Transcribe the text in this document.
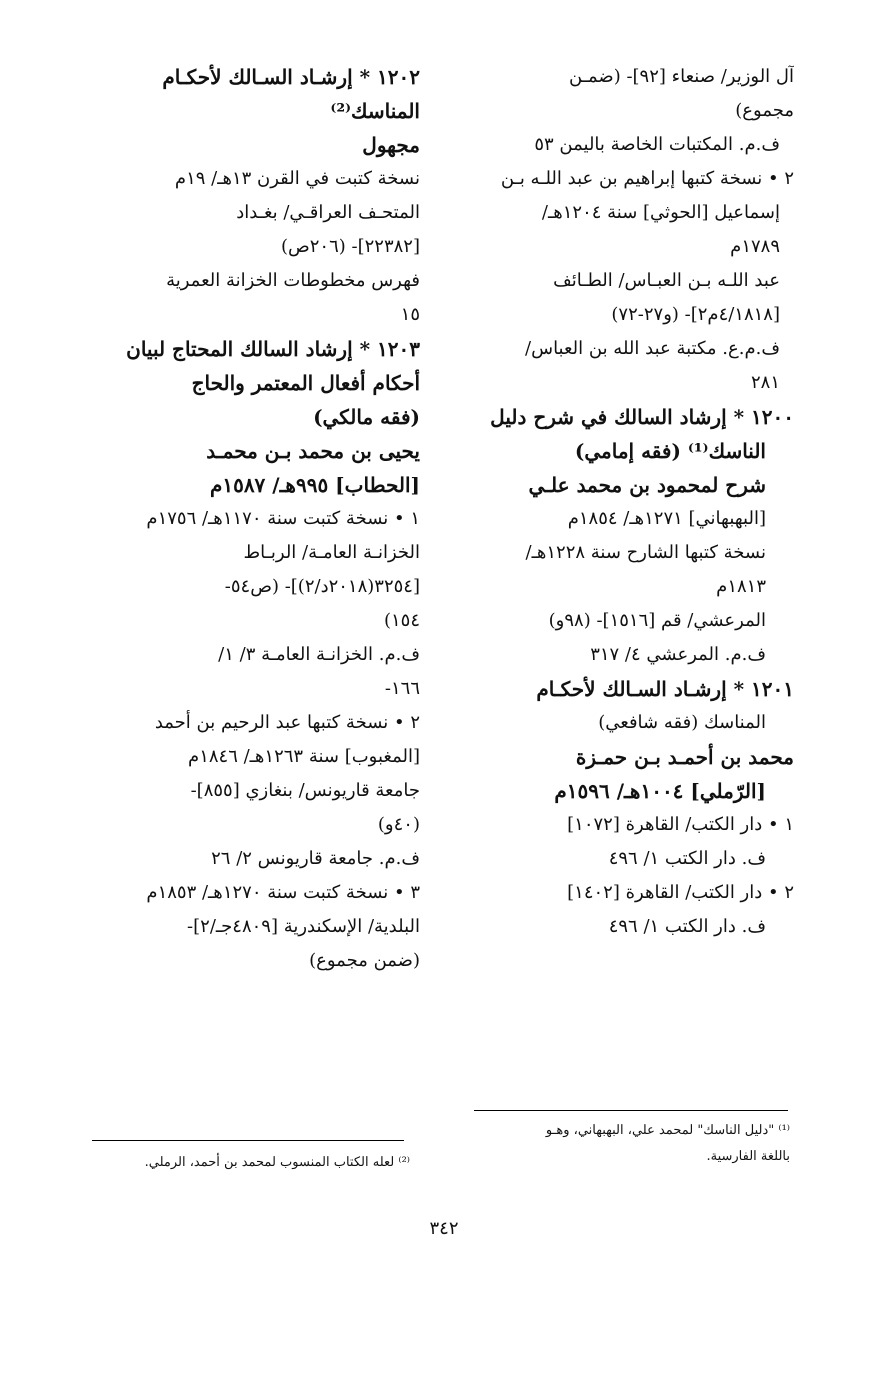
آل الوزير/ صنعاء [٩٢]- (ضمـن
مجموع)
ف.م. المكتبات الخاصة باليمن ٥٣
٢ • نسخة كتبها إبراهيم بن عبد اللـه بـن
إسماعيل [الحوثي] سنة ١٢٠٤هـ/
١٧٨٩م
عبد اللـه بـن العبـاس/ الطـائف
[٤/١٨١٨م٢]- (و٢٧-٧٢)
ف.م.ع. مكتبة عبد الله بن العباس/
٢٨١
١٢٠٠ * إرشاد السالك في شرح دليل
الناسك⁽¹⁾ (فقه إمامي)
شرح لمحمود بن محمد علـي
[البهبهاني] ١٢٧١هـ/ ١٨٥٤م
نسخة كتبها الشارح سنة ١٢٢٨هـ/
١٨١٣م
المرعشي/ قم [١٥١٦]- (٩٨و)
ف.م. المرعشي ٤/ ٣١٧
١٢٠١ * إرشـاد السـالك لأحكـام
المناسك (فقه شافعي)
محمد بن أحمـد بـن حمـزة
[الرّملي] ١٠٠٤هـ/ ١٥٩٦م
١ • دار الكتب/ القاهرة [١٠٧٢]
ف. دار الكتب ١/ ٤٩٦
٢ • دار الكتب/ القاهرة [١٤٠٢]
ف. دار الكتب ١/ ٤٩٦
١٢٠٢ * إرشـاد السـالك لأحكـام
المناسك⁽²⁾
مجهول
نسخة كتبت في القرن ١٣هـ/ ١٩م
المتحـف العراقـي/ بغـداد
[٢٢٣٨٢]- (٢٠٦ص)
فهرس مخطوطات الخزانة العمرية
١٥
١٢٠٣ * إرشاد السالك المحتاج لبيان
أحكام أفعال المعتمر والحاج
(فقه مالكي)
يحيى بن محمد بـن محمـد
[الحطاب] ٩٩٥هـ/ ١٥٨٧م
١ • نسخة كتبت سنة ١١٧٠هـ/ ١٧٥٦م
الخزانـة العامـة/ الربـاط
[٣٢٥٤(٢٠١٨د/٢)]- (ص٥٤-
١٥٤)
ف.م. الخزانـة العامـة ٣/ ١/
١٦٦-
٢ • نسخة كتبها عبد الرحيم بن أحمد
[المغبوب] سنة ١٢٦٣هـ/ ١٨٤٦م
جامعة قاريونس/ بنغازي [٨٥٥]-
(٤٠و)
ف.م. جامعة قاريونس ٢/ ٢٦
٣ • نسخة كتبت سنة ١٢٧٠هـ/ ١٨٥٣م
البلدية/ الإسكندرية [٤٨٠٩جـ/٢]-
(ضمن مجموع)
⁽¹⁾ "دليل الناسك" لمحمد علي، البهبهاني، وهـو
باللغة الفارسية.
⁽²⁾ لعله الكتاب المنسوب لمحمد بن أحمد، الرملي.
٣٤٢
